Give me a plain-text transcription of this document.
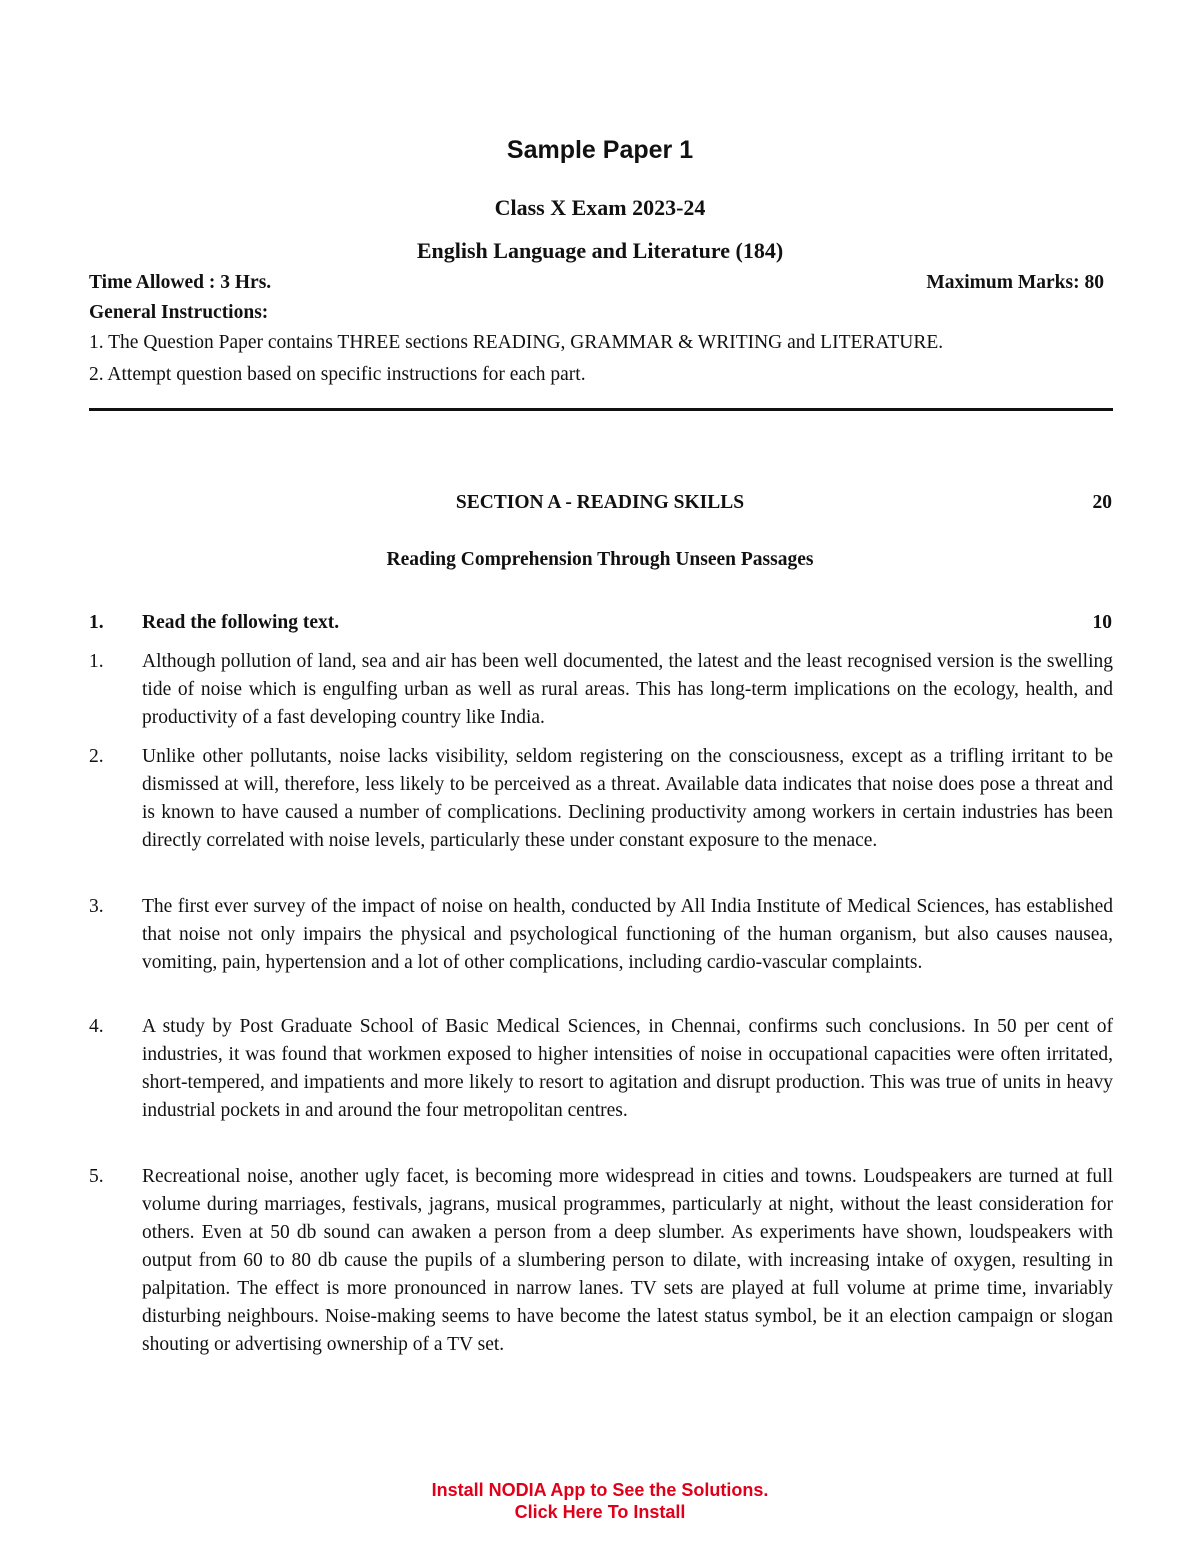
Sample Paper 1
Class X Exam 2023-24
English Language and Literature (184)
Time Allowed : 3 Hrs.	Maximum Marks: 80
General Instructions:
1. The Question Paper contains THREE sections READING, GRAMMAR & WRITING and LITERATURE.
2. Attempt question based on specific instructions for each part.
SECTION A - READING SKILLS	20
Reading Comprehension Through Unseen Passages
1. Read the following text.	10
1.	Although pollution of land, sea and air has been well documented, the latest and the least recognised version is the swelling tide of noise which is engulfing urban as well as rural areas. This has long-term implications on the ecology, health, and productivity of a fast developing country like India.
2.	Unlike other pollutants, noise lacks visibility, seldom registering on the consciousness, except as a trifling irritant to be dismissed at will, therefore, less likely to be perceived as a threat. Available data indicates that noise does pose a threat and is known to have caused a number of complications. Declining productivity among workers in certain industries has been directly correlated with noise levels, particularly these under constant exposure to the menace.
3.	The first ever survey of the impact of noise on health, conducted by All India Institute of Medical Sciences, has established that noise not only impairs the physical and psychological functioning of the human organism, but also causes nausea, vomiting, pain, hypertension and a lot of other complications, including cardio-vascular complaints.
4.	A study by Post Graduate School of Basic Medical Sciences, in Chennai, confirms such conclusions. In 50 per cent of industries, it was found that workmen exposed to higher intensities of noise in occupational capacities were often irritated, short-tempered, and impatients and more likely to resort to agitation and disrupt production. This was true of units in heavy industrial pockets in and around the four metropolitan centres.
5.	Recreational noise, another ugly facet, is becoming more widespread in cities and towns. Loudspeakers are turned at full volume during marriages, festivals, jagrans, musical programmes, particularly at night, without the least consideration for others. Even at 50 db sound can awaken a person from a deep slumber. As experiments have shown, loudspeakers with output from 60 to 80 db cause the pupils of a slumbering person to dilate, with increasing intake of oxygen, resulting in palpitation. The effect is more pronounced in narrow lanes. TV sets are played at full volume at prime time, invariably disturbing neighbours. Noise-making seems to have become the latest status symbol, be it an election campaign or slogan shouting or advertising ownership of a TV set.
Install NODIA App to See the Solutions.
Click Here To Install
